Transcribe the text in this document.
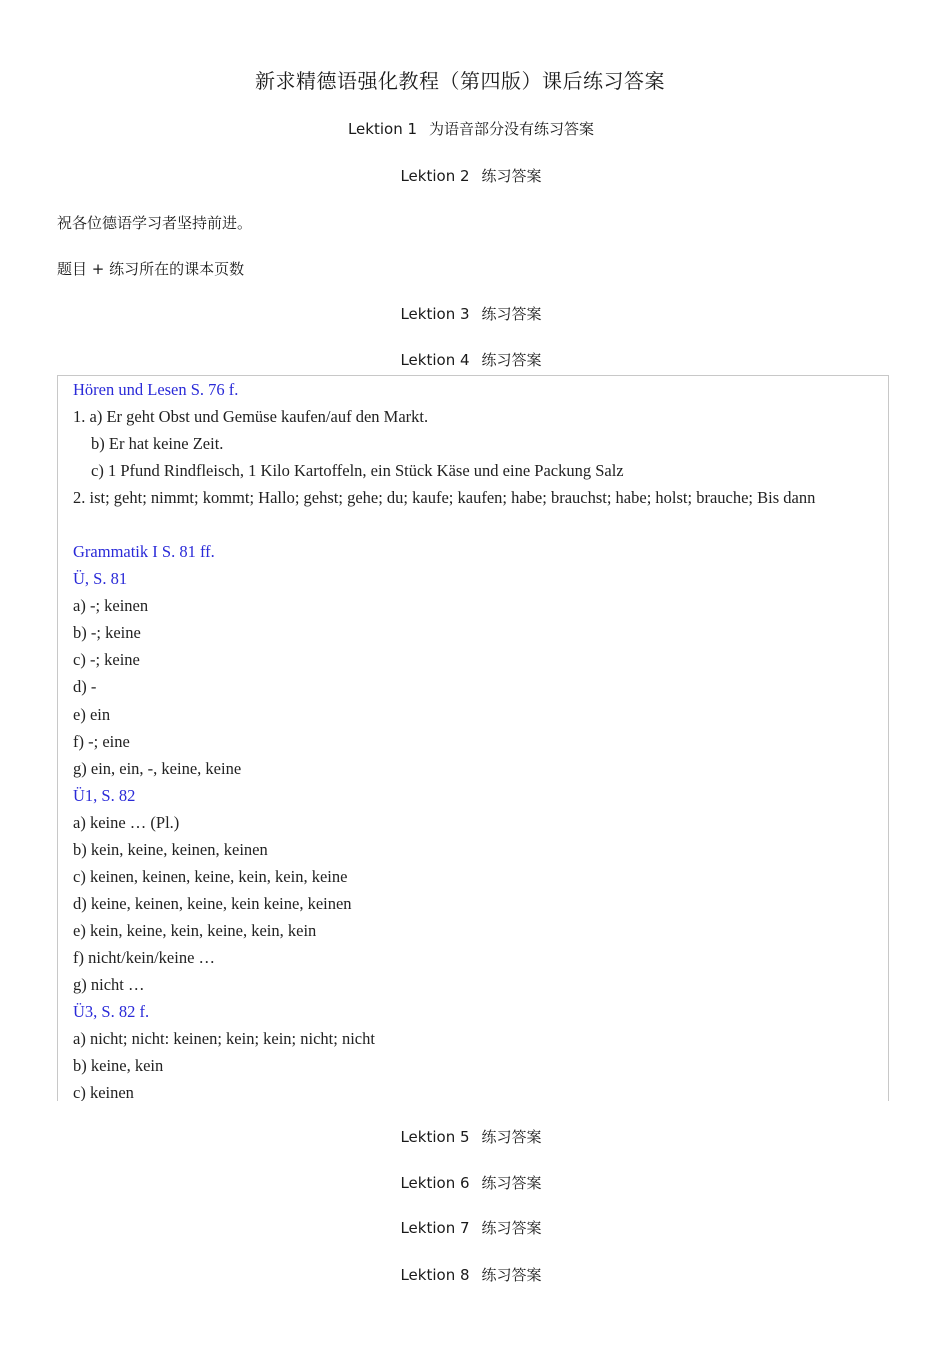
新求精德语强化教程（第四版）课后练习答案
Lektion 1 为语音部分没有练习答案
Lektion 2 练习答案
祝各位德语学习者坚持前进。
题目 + 练习所在的课本页数
Lektion 3 练习答案
Lektion 4 练习答案
Hören und Lesen S. 76 f.
1. a) Er geht Obst und Gemüse kaufen/auf den Markt.
b) Er hat keine Zeit.
c) 1 Pfund Rindfleisch, 1 Kilo Kartoffeln, ein Stück Käse und eine Packung Salz
2. ist; geht; nimmt; kommt; Hallo; gehst; gehe; du; kaufe; kaufen; habe; brauchst; habe; holst; brauche; Bis dann
Grammatik I S. 81 ff.
Ü, S. 81
a) -; keinen
b) -; keine
c) -; keine
d) -
e) ein
f) -; eine
g) ein, ein, -, keine, keine
Ü1, S. 82
a) keine … (Pl.)
b) kein, keine, keinen, keinen
c) keinen, keinen, keine, kein, kein, keine
d) keine, keinen, keine, kein keine, keinen
e) kein, keine, kein, keine, kein, kein
f) nicht/kein/keine …
g) nicht …
Ü3, S. 82 f.
a) nicht; nicht: keinen; kein; kein; nicht; nicht
b) keine, kein
c) keinen
Lektion 5 练习答案
Lektion 6 练习答案
Lektion 7 练习答案
Lektion 8 练习答案
